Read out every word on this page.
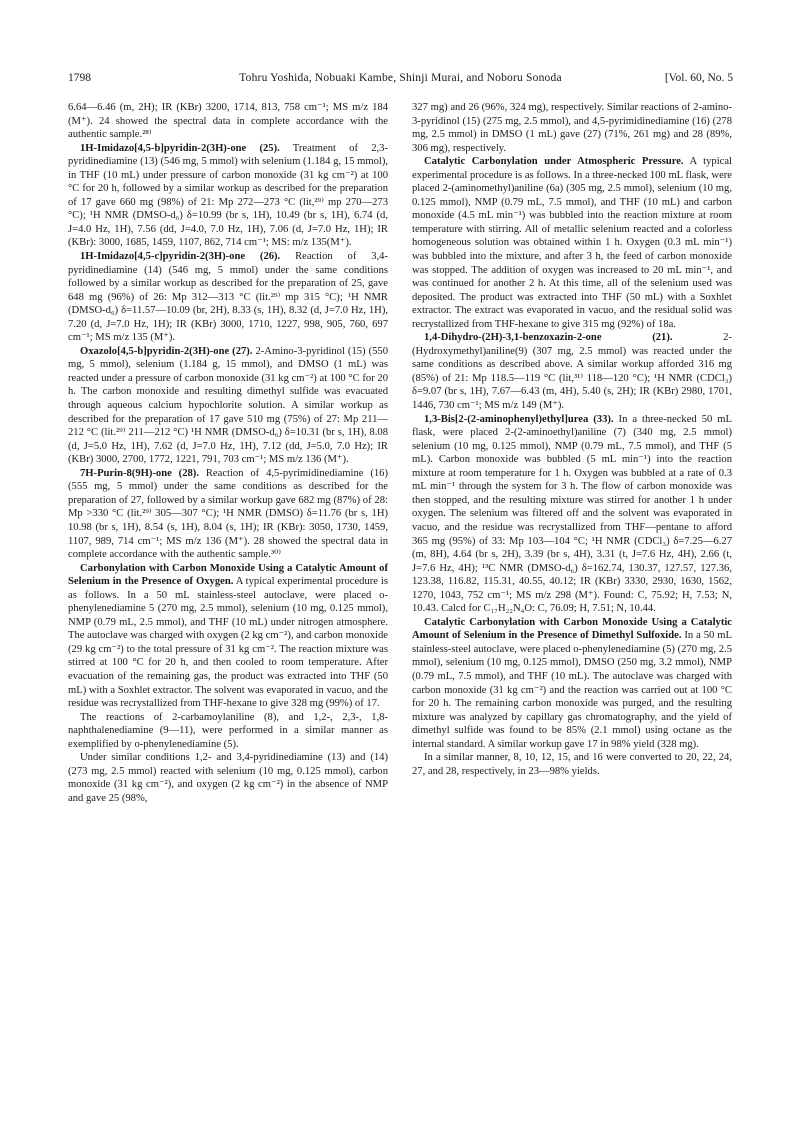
1798	Tohru Yoshida, Nobuaki Kambe, Shinji Murai, and Noboru Sonoda	[Vol. 60, No. 5

6.64—6.46 (m, 2H); IR (KBr) 3200, 1714, 813, 758 cm⁻¹; MS m/z 184 (M⁺). 24 showed the spectral data in complete accordance with the authentic sample.²⁸⁾

1H-Imidazo[4,5-b]pyridin-2(3H)-one (25). Treatment of 2,3-pyridinediamine (13) (546 mg, 5 mmol) with selenium (1.184 g, 15 mmol), in THF (10 mL) under pressure of carbon monoxide (31 kg cm⁻²) at 100 °C for 20 h, followed by a similar workup as described for the preparation of 17 gave 660 mg (98%) of 21: Mp 272—273 °C (lit,²⁹⁾ mp 270—273 °C); ¹H NMR (DMSO-d₆) δ=10.99 (br s, 1H), 10.49 (br s, 1H), 6.74 (d, J=4.0 Hz, 1H), 7.56 (dd, J=4.0, 7.0 Hz, 1H), 7.06 (d, J=7.0 Hz, 1H); IR (KBr): 3000, 1685, 1459, 1107, 862, 714 cm⁻¹; MS: m/z 135(M⁺).

1H-Imidazo[4,5-c]pyridin-2(3H)-one (26). Reaction of 3,4-pyridinediamine (14) (546 mg, 5 mmol) under the same conditions followed by a similar workup as described for the preparation of 25, gave 648 mg (96%) of 26: Mp 312—313 °C (lit.²⁹⁾ mp 315 °C); ¹H NMR (DMSO-d₆) δ=11.57—10.09 (br, 2H), 8.33 (s, 1H), 8.32 (d, J=7.0 Hz, 1H), 7.20 (d, J=7.0 Hz, 1H); IR (KBr) 3000, 1710, 1227, 998, 905, 760, 697 cm⁻¹; MS m/z 135 (M⁺).

Oxazolo[4,5-b]pyridin-2(3H)-one (27). 2-Amino-3-pyridinol (15) (550 mg, 5 mmol), selenium (1.184 g, 15 mmol), and DMSO (1 mL) was reacted under a pressure of carbon monoxide (31 kg cm⁻²) at 100 °C for 20 h. The carbon monoxide and resulting dimethyl sulfide was evacuated through aqueous calcium hypochlorite solution. A similar workup as described for the preparation of 17 gave 510 mg (75%) of 27: Mp 211—212 °C (lit.²⁹⁾ 211—212 °C) ¹H NMR (DMSO-d₆) δ=10.31 (br s, 1H), 8.08 (d, J=5.0 Hz, 1H), 7.62 (d, J=7.0 Hz, 1H), 7.12 (dd, J=5.0, 7.0 Hz); IR (KBr) 3000, 2700, 1772, 1221, 791, 703 cm⁻¹; MS m/z 136 (M⁺).

7H-Purin-8(9H)-one (28). Reaction of 4,5-pyrimidinediamine (16) (555 mg, 5 mmol) under the same conditions as described for the preparation of 27, followed by a similar workup gave 682 mg (87%) of 28: Mp >330 °C (lit.²⁹⁾ 305—307 °C); ¹H NMR (DMSO) δ=11.76 (br s, 1H) 10.98 (br s, 1H), 8.54 (s, 1H), 8.04 (s, 1H); IR (KBr): 3050, 1730, 1459, 1107, 989, 714 cm⁻¹; MS m/z 136 (M⁺). 28 showed the spectral data in complete accordance with the authentic sample.³⁰⁾

Carbonylation with Carbon Monoxide Using a Catalytic Amount of Selenium in the Presence of Oxygen. A typical experimental procedure is as follows. In a 50 mL stainless-steel autoclave, were placed o-phenylenediamine 5 (270 mg, 2.5 mmol), selenium (10 mg, 0.125 mmol), NMP (0.79 mL, 2.5 mmol), and THF (10 mL) under nitrogen atmosphere. The autoclave was charged with oxygen (2 kg cm⁻²), and carbon monoxide (29 kg cm⁻²) to the total pressure of 31 kg cm⁻². The reaction mixture was stirred at 100 °C for 20 h, and then cooled to room temperature. After evacuation of the remaining gas, the product was extracted into THF (50 mL) with a Soxhlet extractor. The solvent was evaporated in vacuo, and the residue was recrystallized from THF-hexane to give 328 mg (99%) of 17.

The reactions of 2-carbamoylaniline (8), and 1,2-, 2,3-, 1,8-naphthalenediamine (9—11), were performed in a similar manner as exemplified by o-phenylenediamine (5).

Under similar conditions 1,2- and 3,4-pyridinediamine (13) and (14) (273 mg, 2.5 mmol) reacted with selenium (10 mg, 0.125 mmol), carbon monoxide (31 kg cm⁻²), and oxygen (2 kg cm⁻²) in the absence of NMP and gave 25 (98%,

327 mg) and 26 (96%, 324 mg), respectively. Similar reactions of 2-amino-3-pyridinol (15) (275 mg, 2.5 mmol), and 4,5-pyrimidinediamine (16) (278 mg, 2.5 mmol) in DMSO (1 mL) gave (27) (71%, 261 mg) and 28 (89%, 306 mg), respectively.

Catalytic Carbonylation under Atmospheric Pressure. A typical experimental procedure is as follows. In a three-necked 100 mL flask, were placed 2-(aminomethyl)aniline (6a) (305 mg, 2.5 mmol), selenium (10 mg, 0.125 mmol), NMP (0.79 mL, 7.5 mmol), and THF (10 mL) and carbon monoxide (4.5 mL min⁻¹) was bubbled into the reaction mixture at room temperature with stirring. All of metallic selenium reacted and a colorless homogeneous solution was obtained within 1 h. Oxygen (0.3 mL min⁻¹) was bubbled into the mixture, and after 3 h, the feed of carbon monoxide was stopped. The addition of oxygen was increased to 20 mL min⁻¹, and was continued for another 2 h. At this time, all of the selenium used was deposited. The product was extracted into THF (50 mL) with a Soxhlet extractor. The extract was evaporated in vacuo, and the residual solid was recrystallized from THF-hexane to give 315 mg (92%) of 18a.

1,4-Dihydro-(2H)-3,1-benzoxazin-2-one (21). 2-(Hydroxymethyl)aniline(9) (307 mg, 2.5 mmol) was reacted under the same conditions as described above. A similar workup afforded 316 mg (85%) of 21: Mp 118.5—119 °C (lit,³¹⁾ 118—120 °C); ¹H NMR (CDCl₃) δ=9.07 (br s, 1H), 7.67—6.43 (m, 4H), 5.40 (s, 2H); IR (KBr) 2980, 1701, 1446, 730 cm⁻¹; MS m/z 149 (M⁺).

1,3-Bis[2-(2-aminophenyl)ethyl]urea (33). In a three-necked 50 mL flask, were placed 2-(2-aminoethyl)aniline (7) (340 mg, 2.5 mmol) selenium (10 mg, 0.125 mmol), NMP (0.79 mL, 7.5 mmol), and THF (5 mL). Carbon monoxide was bubbled (5 mL min⁻¹) into the reaction mixture at room temperature for 1 h. Oxygen was bubbled at a rate of 0.3 mL min⁻¹ through the system for 3 h. The flow of carbon monoxide was then stopped, and the resulting mixture was stirred for another 1 h under oxygen. The selenium was filtered off and the solvent was evaporated in vacuo, and the residue was recrystallized from THF—pentane to afford 365 mg (95%) of 33: Mp 103—104 °C; ¹H NMR (CDCl₃) δ=7.25—6.27 (m, 8H), 4.64 (br s, 2H), 3.39 (br s, 4H), 3.31 (t, J=7.6 Hz, 4H), 2.66 (t, J=7.6 Hz, 4H); ¹³C NMR (DMSO-d₆) δ=162.74, 130.37, 127.57, 127.36, 123.38, 116.82, 115.31, 40.55, 40.12; IR (KBr) 3330, 2930, 1630, 1562, 1270, 1043, 752 cm⁻¹; MS m/z 298 (M⁺). Found: C, 75.92; H, 7.53; N, 10.43. Calcd for C₁₇H₂₂N₄O: C, 76.09; H, 7.51; N, 10.44.

Catalytic Carbonylation with Carbon Monoxide Using a Catalytic Amount of Selenium in the Presence of Dimethyl Sulfoxide. In a 50 mL stainless-steel autoclave, were placed o-phenylenediamine (5) (270 mg, 2.5 mmol), selenium (10 mg, 0.125 mmol), DMSO (250 mg, 3.2 mmol), NMP (0.79 mL, 7.5 mmol), and THF (10 mL). The autoclave was charged with carbon monoxide (31 kg cm⁻²) and the reaction was carried out at 100 °C for 20 h. The remaining carbon monoxide was purged, and the resulting mixture was analyzed by capillary gas chromatography, and the yield of dimethyl sulfide was found to be 85% (2.1 mmol) using octane as the internal standard. A similar workup gave 17 in 98% yield (328 mg).

In a similar manner, 8, 10, 12, 15, and 16 were converted to 20, 22, 24, 27, and 28, respectively, in 23—98% yields.
